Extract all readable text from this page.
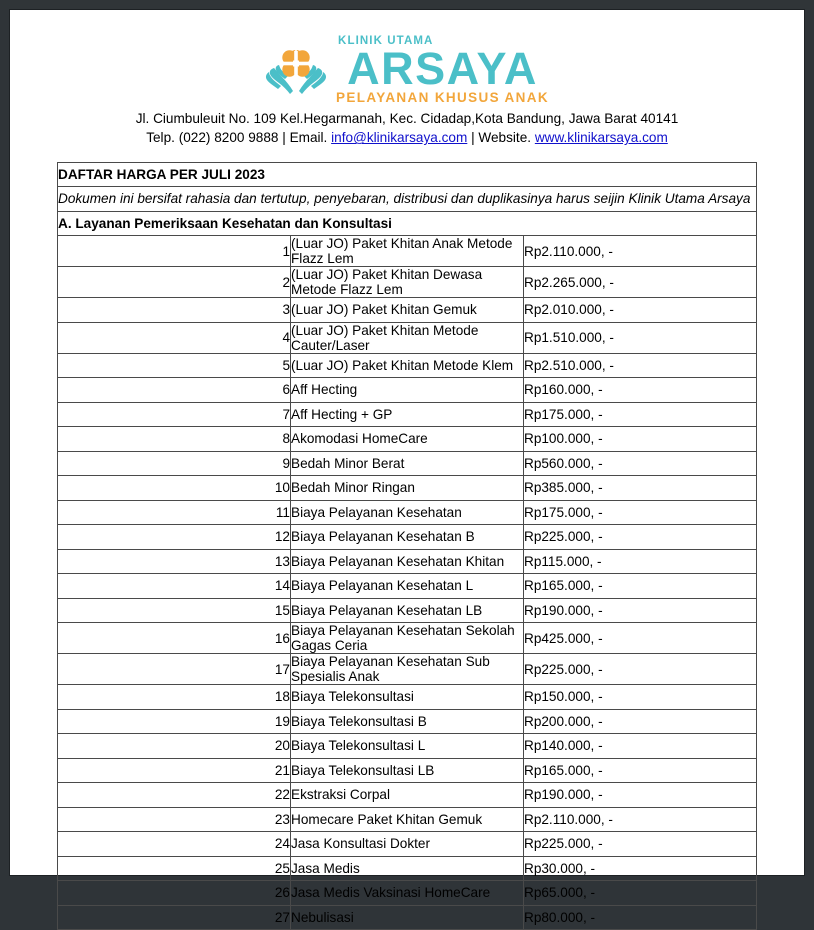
KLINIK UTAMA
ARSAYA
PELAYANAN KHUSUS ANAK
Jl. Ciumbuleuit No. 109 Kel.Hegarmanah, Kec. Cidadap,Kota Bandung, Jawa Barat 40141
Telp. (022) 8200 9888 | Email. info@klinikarsaya.com | Website. www.klinikarsaya.com
DAFTAR HARGA PER JULI 2023		
Dokumen ini bersifat rahasia dan tertutup, penyebaran, distribusi dan duplikasinya harus seijin Klinik Utama Arsaya		
A. Layanan Pemeriksaan Kesehatan dan Konsultasi		
1	(Luar JO) Paket Khitan Anak Metode Flazz Lem	Rp2.110.000, -
2	(Luar JO) Paket Khitan Dewasa Metode Flazz Lem	Rp2.265.000, -
3	(Luar JO) Paket Khitan Gemuk	Rp2.010.000, -
4	(Luar JO) Paket Khitan Metode Cauter/Laser	Rp1.510.000, -
5	(Luar JO) Paket Khitan Metode Klem	Rp2.510.000, -
6	Aff Hecting	Rp160.000, -
7	Aff Hecting + GP	Rp175.000, -
8	Akomodasi HomeCare	Rp100.000, -
9	Bedah Minor Berat	Rp560.000, -
10	Bedah Minor Ringan	Rp385.000, -
11	Biaya Pelayanan Kesehatan	Rp175.000, -
12	Biaya Pelayanan Kesehatan B	Rp225.000, -
13	Biaya Pelayanan Kesehatan Khitan	Rp115.000, -
14	Biaya Pelayanan Kesehatan L	Rp165.000, -
15	Biaya Pelayanan Kesehatan LB	Rp190.000, -
16	Biaya Pelayanan Kesehatan Sekolah Gagas Ceria	Rp425.000, -
17	Biaya Pelayanan Kesehatan Sub Spesialis Anak	Rp225.000, -
18	Biaya Telekonsultasi	Rp150.000, -
19	Biaya Telekonsultasi B	Rp200.000, -
20	Biaya Telekonsultasi L	Rp140.000, -
21	Biaya Telekonsultasi LB	Rp165.000, -
22	Ekstraksi Corpal	Rp190.000, -
23	Homecare Paket Khitan Gemuk	Rp2.110.000, -
24	Jasa Konsultasi Dokter	Rp225.000, -
25	Jasa Medis	Rp30.000, -
26	Jasa Medis Vaksinasi HomeCare	Rp65.000, -
27	Nebulisasi	Rp80.000, -
